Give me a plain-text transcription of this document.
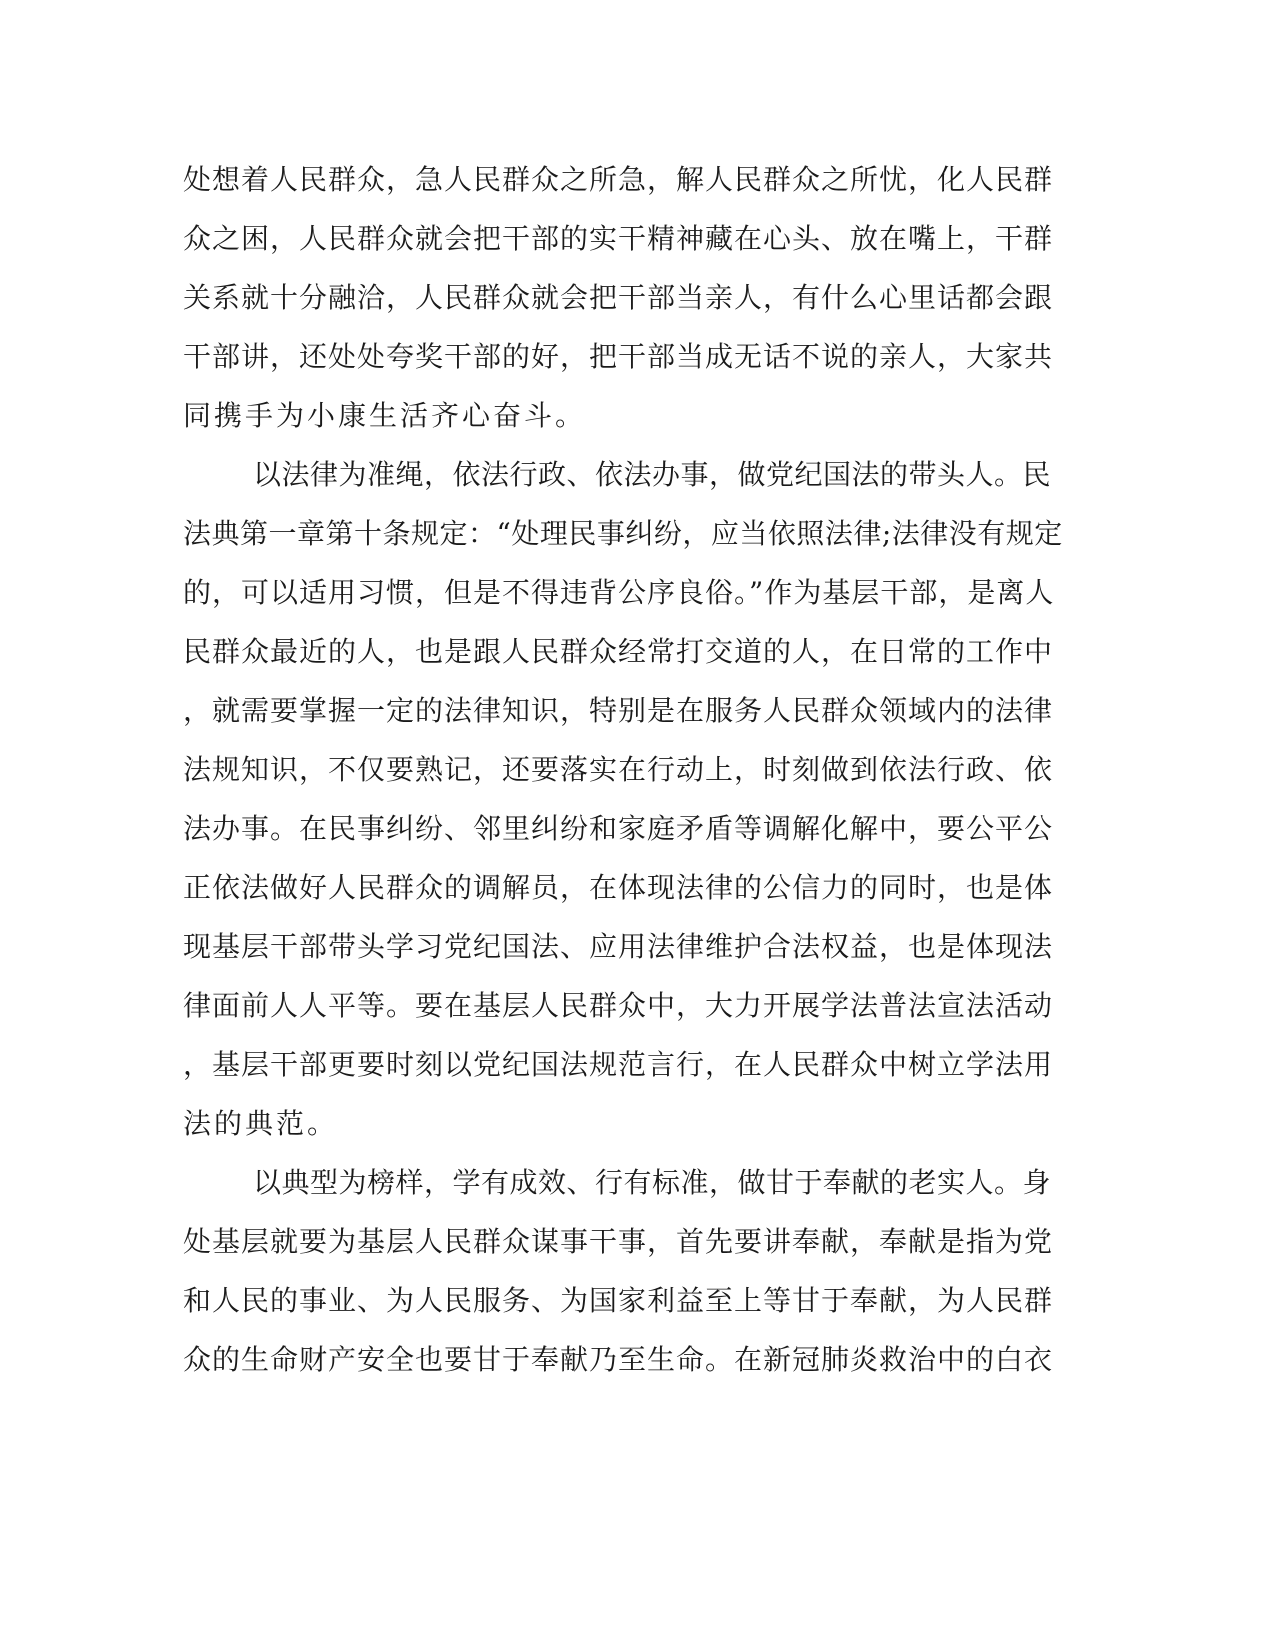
处想着人民群众，急人民群众之所急，解人民群众之所忧，化人民群
众之困，人民群众就会把干部的实干精神藏在心头、放在嘴上，干群
关系就十分融洽，人民群众就会把干部当亲人，有什么心里话都会跟
干部讲，还处处夸奖干部的好，把干部当成无话不说的亲人，大家共
同携手为小康生活齐心奋斗。
以法律为准绳，依法行政、依法办事，做党纪国法的带头人。民
法典第一章第十条规定：“处理民事纠纷，应当依照法律;法律没有规定
的，可以适用习惯，但是不得违背公序良俗。”作为基层干部，是离人
民群众最近的人，也是跟人民群众经常打交道的人，在日常的工作中
，就需要掌握一定的法律知识，特别是在服务人民群众领域内的法律
法规知识，不仅要熟记，还要落实在行动上，时刻做到依法行政、依
法办事。在民事纠纷、邻里纠纷和家庭矛盾等调解化解中，要公平公
正依法做好人民群众的调解员，在体现法律的公信力的同时，也是体
现基层干部带头学习党纪国法、应用法律维护合法权益，也是体现法
律面前人人平等。要在基层人民群众中，大力开展学法普法宣法活动
，基层干部更要时刻以党纪国法规范言行，在人民群众中树立学法用
法的典范。
以典型为榜样，学有成效、行有标准，做甘于奉献的老实人。身
处基层就要为基层人民群众谋事干事，首先要讲奉献，奉献是指为党
和人民的事业、为人民服务、为国家利益至上等甘于奉献，为人民群
众的生命财产安全也要甘于奉献乃至生命。在新冠肺炎救治中的白衣
